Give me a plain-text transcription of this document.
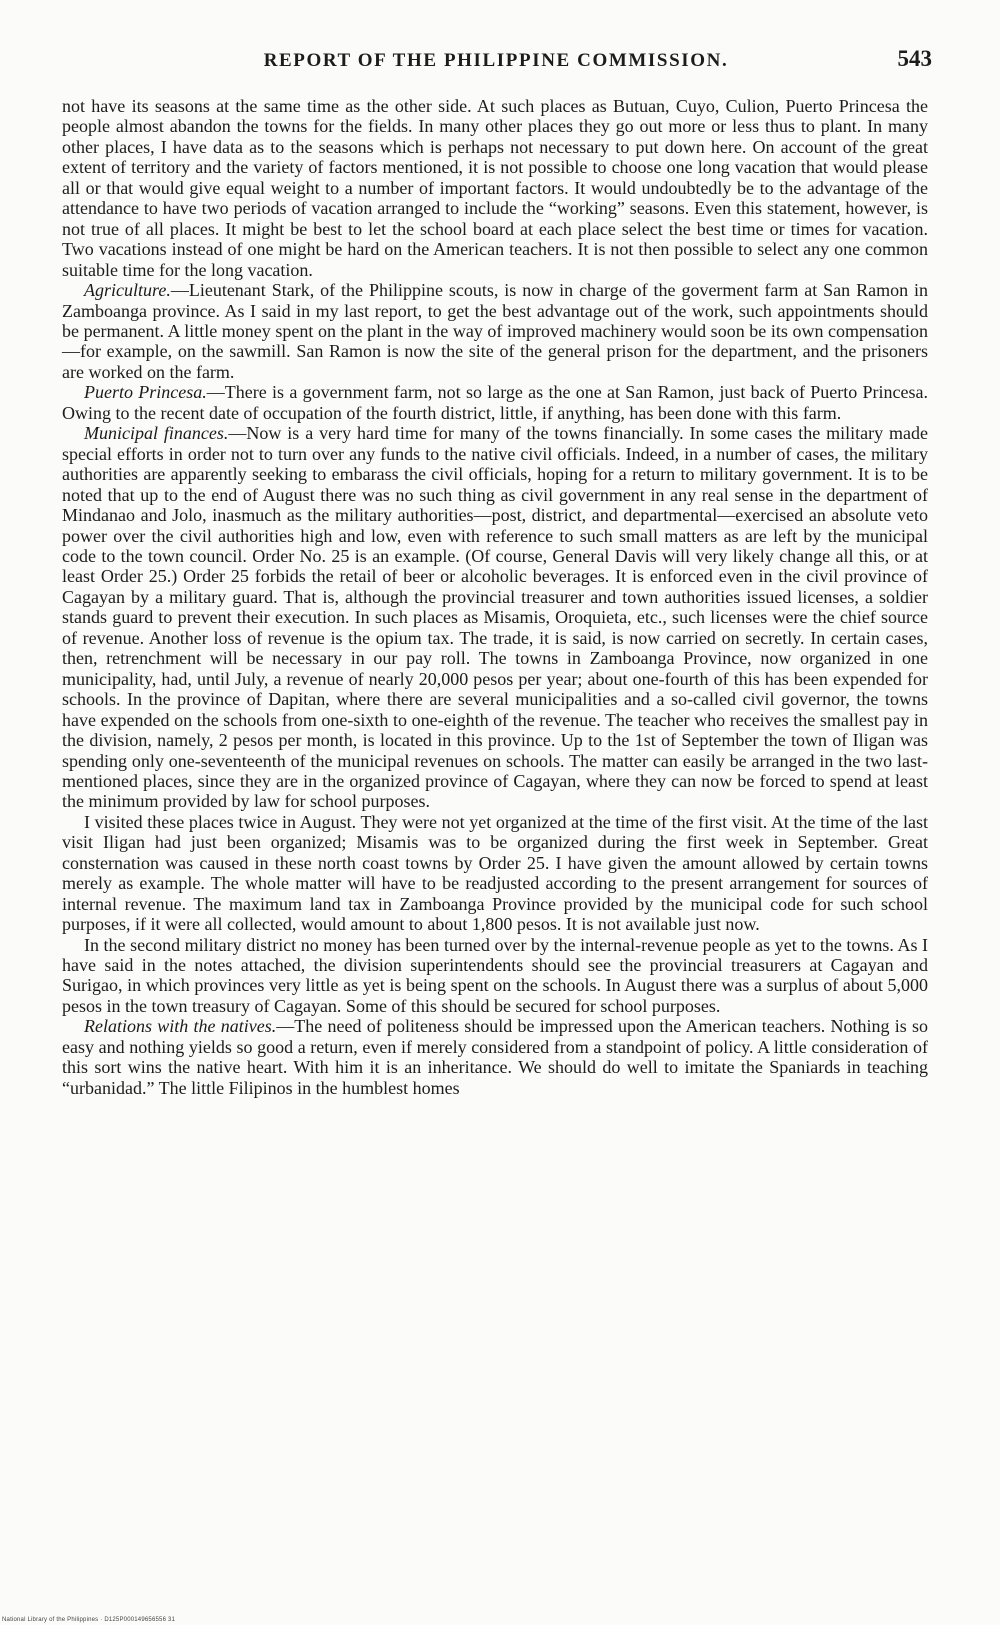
REPORT OF THE PHILIPPINE COMMISSION.	543

not have its seasons at the same time as the other side. At such places as Butuan, Cuyo, Culion, Puerto Princesa the people almost abandon the towns for the fields. In many other places they go out more or less thus to plant. In many other places, I have data as to the seasons which is perhaps not necessary to put down here. On account of the great extent of territory and the variety of factors mentioned, it is not possible to choose one long vacation that would please all or that would give equal weight to a number of important factors. It would undoubtedly be to the advantage of the attendance to have two periods of vacation arranged to include the “working” seasons. Even this statement, however, is not true of all places. It might be best to let the school board at each place select the best time or times for vacation. Two vacations instead of one might be hard on the American teachers. It is not then possible to select any one common suitable time for the long vacation.

Agriculture.—Lieutenant Stark, of the Philippine scouts, is now in charge of the goverment farm at San Ramon in Zamboanga province. As I said in my last report, to get the best advantage out of the work, such appointments should be permanent. A little money spent on the plant in the way of improved machinery would soon be its own compensation—for example, on the sawmill. San Ramon is now the site of the general prison for the department, and the prisoners are worked on the farm.

Puerto Princesa.—There is a government farm, not so large as the one at San Ramon, just back of Puerto Princesa. Owing to the recent date of occupation of the fourth district, little, if anything, has been done with this farm.

Municipal finances.—Now is a very hard time for many of the towns financially. In some cases the military made special efforts in order not to turn over any funds to the native civil officials. Indeed, in a number of cases, the military authorities are apparently seeking to embarass the civil officials, hoping for a return to military government. It is to be noted that up to the end of August there was no such thing as civil government in any real sense in the department of Mindanao and Jolo, inasmuch as the military authorities—post, district, and departmental—exercised an absolute veto power over the civil authorities high and low, even with reference to such small matters as are left by the municipal code to the town council. Order No. 25 is an example. (Of course, General Davis will very likely change all this, or at least Order 25.) Order 25 forbids the retail of beer or alcoholic beverages. It is enforced even in the civil province of Cagayan by a military guard. That is, although the provincial treasurer and town authorities issued licenses, a soldier stands guard to prevent their execution. In such places as Misamis, Oroquieta, etc., such licenses were the chief source of revenue. Another loss of revenue is the opium tax. The trade, it is said, is now carried on secretly. In certain cases, then, retrenchment will be necessary in our pay roll. The towns in Zamboanga Province, now organized in one municipality, had, until July, a revenue of nearly 20,000 pesos per year; about one-fourth of this has been expended for schools. In the province of Dapitan, where there are several municipalities and a so-called civil governor, the towns have expended on the schools from one-sixth to one-eighth of the revenue. The teacher who receives the smallest pay in the division, namely, 2 pesos per month, is located in this province. Up to the 1st of September the town of Iligan was spending only one-seventeenth of the municipal revenues on schools. The matter can easily be arranged in the two last-mentioned places, since they are in the organized province of Cagayan, where they can now be forced to spend at least the minimum provided by law for school purposes.

I visited these places twice in August. They were not yet organized at the time of the first visit. At the time of the last visit Iligan had just been organized; Misamis was to be organized during the first week in September. Great consternation was caused in these north coast towns by Order 25. I have given the amount allowed by certain towns merely as example. The whole matter will have to be readjusted according to the present arrangement for sources of internal revenue. The maximum land tax in Zamboanga Province provided by the municipal code for such school purposes, if it were all collected, would amount to about 1,800 pesos. It is not available just now.

In the second military district no money has been turned over by the internal-revenue people as yet to the towns. As I have said in the notes attached, the division superintendents should see the provincial treasurers at Cagayan and Surigao, in which provinces very little as yet is being spent on the schools. In August there was a surplus of about 5,000 pesos in the town treasury of Cagayan. Some of this should be secured for school purposes.

Relations with the natives.—The need of politeness should be impressed upon the American teachers. Nothing is so easy and nothing yields so good a return, even if merely considered from a standpoint of policy. A little consideration of this sort wins the native heart. With him it is an inheritance. We should do well to imitate the Spaniards in teaching “urbanidad.” The little Filipinos in the humblest homes

National Library of the Philippines · D125P000149656556 31
